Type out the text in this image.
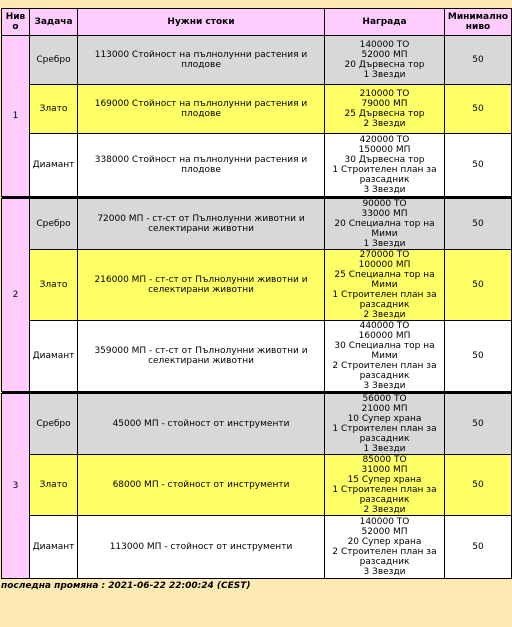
Ниво	Задача	Нужни стоки	Награда	Минимално ниво
1	Сребро	113000 Стойност на пълнолунни растения и плодове	140000 ТО
52000 МП
20 Дървесна тор
1 Звезди	50
	Злато	169000 Стойност на пълнолунни растения и плодове	210000 ТО
79000 МП
25 Дървесна тор
2 Звезди	50
	Диамант	338000 Стойност на пълнолунни растения и плодове	420000 ТО
150000 МП
30 Дървесна тор
1 Строителен план за разсадник
3 Звезди	50

2	Сребро	72000 МП - ст-ст от Пълнолунни животни и селектирани животни	90000 ТО
33000 МП
20 Специална тор на Мими
1 Звезди	50
	Злато	216000 МП - ст-ст от Пълнолунни животни и селектирани животни	270000 ТО
100000 МП
25 Специална тор на Мими
1 Строителен план за разсадник
2 Звезди	50
	Диамант	359000 МП - ст-ст от Пълнолунни животни и селектирани животни	440000 ТО
160000 МП
30 Специална тор на Мими
2 Строителен план за разсадник
3 Звезди	50

3	Сребро	45000 МП - стойност от инструменти	56000 ТО
21000 МП
10 Супер храна
1 Строителен план за разсадник
1 Звезди	50
	Злато	68000 МП - стойност от инструменти	85000 ТО
31000 МП
15 Супер храна
1 Строителен план за разсадник
2 Звезди	50
	Диамант	113000 МП - стойност от инструменти	140000 ТО
52000 МП
20 Супер храна
2 Строителен план за разсадник
3 Звезди	50
последна промяна : 2021-06-22 22:00:24 (CEST)
